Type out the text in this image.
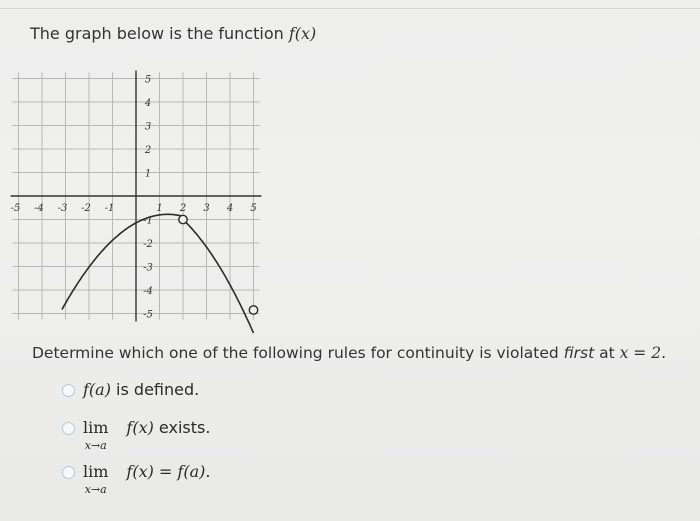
The graph below is the function f(x)
-5 -4 -3 -2 -1	1 2 3 4 5
5
4
3
2
1
-1
-2
-3
-4
-5
Determine which one of the following rules for continuity is violated first at x = 2.
f(a) is defined.
lim
x→a
f(x) exists.
lim
x→a
f(x) = f(a).
